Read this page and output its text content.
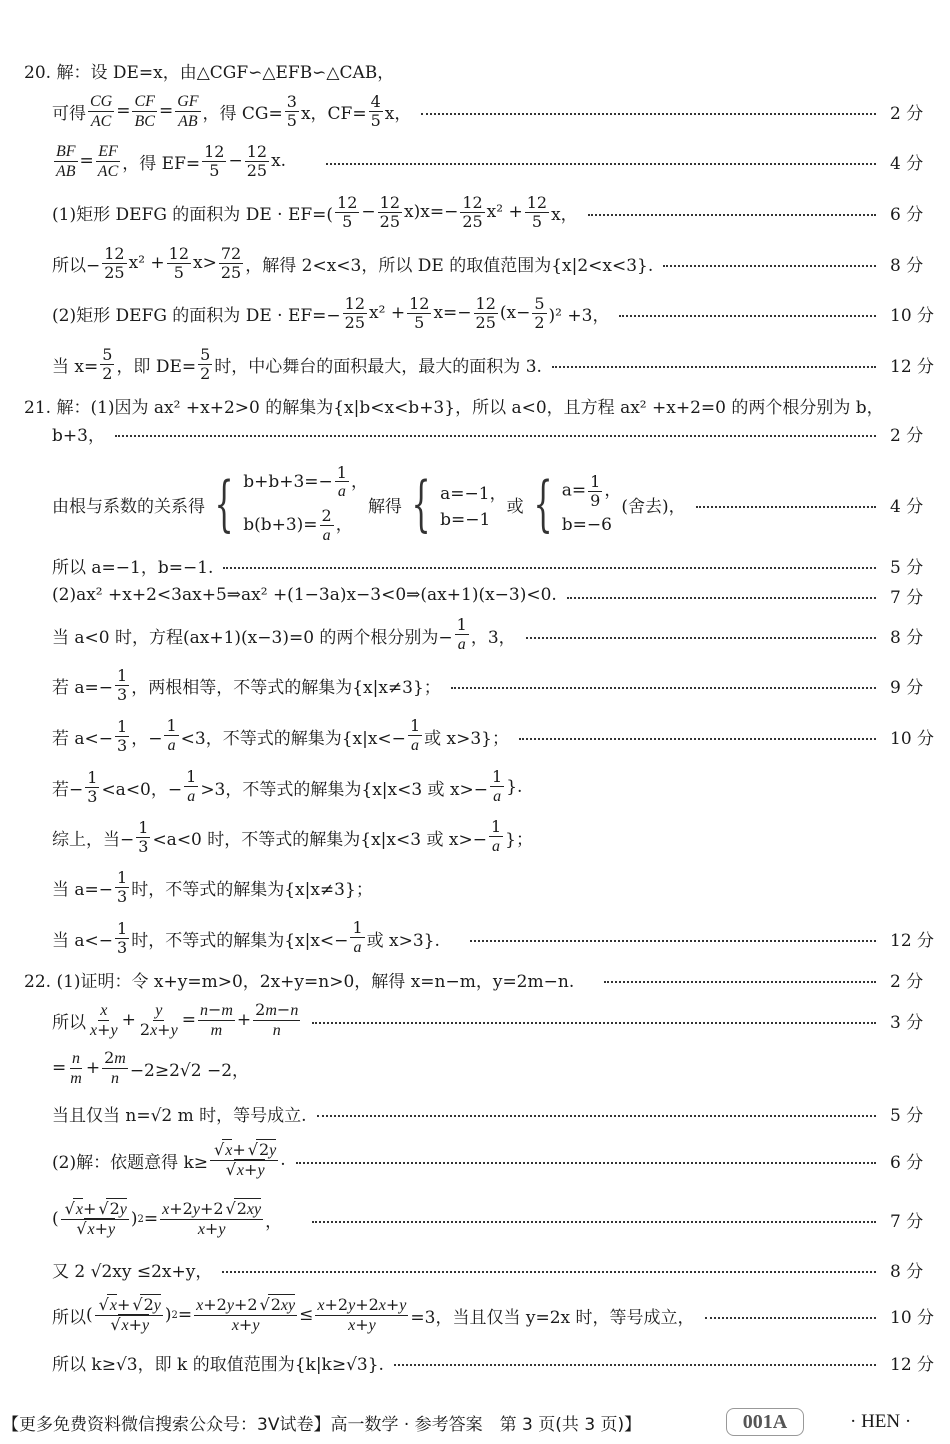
20. 解：设 DE=x，由△CGF∽△EFB∽△CAB，
可得 $\frac{CG}{AC} = \frac{CF}{BC} = \frac{GF}{AB}$ ，得 $CG= \frac{3}{5}$ x，$CF= \frac{4}{5}$ x，	2 分
$\frac{BF}{AB} = \frac{EF}{AC}$ ，得 $EF= \frac{12}{5} - \frac{12}{25} x$.	4 分
(1)矩形 DEFG 的面积为 DE · $EF=( \frac{12}{5} - \frac{12}{25} x)x=- \frac{12}{25} x^2 + \frac{12}{5}$ x，	6 分
所以− $\frac{12}{25} x^2 + \frac{12}{5} x> \frac{72}{25}$ ，解得 2<x<3，所以 DE 的取值范围为{x|2<x<3}.	8 分
(2)矩形 DEFG 的面积为 DE · $EF=- \frac{12}{25} x^2 + \frac{12}{5} x=- \frac{12}{25} (x- \frac{5}{2} )^2 +3$，	10 分
当 $x= \frac{5}{2}$ ，即 $DE= \frac{5}{2}$ 时，中心舞台的面积最大，最大的面积为 3.	12 分
21. 解：(1)因为 ax² +x+2>0 的解集为{x|b<x<b+3}，所以 a<0，且方程 ax² +x+2=0 的两个根分别为 b，
b+3，	2 分
由根与系数的关系得 { $b+b+3=- \frac{1}{a}$ ，
$b(b+3)= \frac{2}{a}$ ，
解得 { a=−1，
b=−1
或 { $a= \frac{1}{9}$ ，
b=−6
(舍去)，	4 分
所以 a=−1，b=−1.	5 分
(2)ax² +x+2<3ax+5⇒ax² +(1−3a)x−3<0⇒(ax+1)(x−3)<0.	7 分
当 a<0 时，方程(ax+1)(x−3)=0 的两个根分别为− $\frac{1}{a}$ ，3，	8 分
若 $a=- \frac{1}{3}$ ，两根相等，不等式的解集为{x|x≠3}；	9 分
若 $a<- \frac{1}{3}$ ，− $\frac{1}{a} <3$，不等式的解集为{$x|x<- \frac{1}{a}$ 或 x>3}；	10 分
若− $\frac{1}{3} <a<0$，− $\frac{1}{a} >3$，不等式的解集为{x|x<3 或 $x>- \frac{1}{a}$ }.
综上，当− $\frac{1}{3} <a<0$ 时，不等式的解集为{x|x<3 或 $x>- \frac{1}{a}$ }；
当 $a=- \frac{1}{3}$ 时，不等式的解集为{x|x≠3}；
当 $a<- \frac{1}{3}$ 时，不等式的解集为{$x|x<- \frac{1}{a}$ 或 x>3}.	12 分
22. (1)证明：令 x+y=m>0，2x+y=n>0，解得 x=n−m，y=2m−n.	2 分
所以 $\frac{x}{x+y} + \frac{y}{2x+y} = \frac{n-m}{m} + \frac{2m-n}{n}$	3 分
= $\frac{n}{m} + \frac{2m}{n} -2\ge 2√2 -2$，
当且仅当 n=√2 m 时，等号成立.	5 分
(2)解：依题意得 k≥ √ x+ √ 2y
√ x+y .	6 分
( √ x+ √ 2y
√ x+y ) $2 = \frac{x+2y+2 √ 2xy}{x+y}$ ，	7 分
又 2 √2xy ≤2x+y，	8 分
所以 ( √ x+ √ 2y
√ x+y ) $2 = \frac{x+2y+2 √ 2xy}{x+y} \le \frac{x+2y+2x+y}{x+y} =3$，当且仅当 y=2x 时，等号成立，	10 分
所以 k≥√3，即 k 的取值范围为{k|k≥√3}.	12 分
【更多免费资料微信搜索公众号：3V试卷】高一数学 · 参考答案　第 3 页(共 3 页)】	001A	· HEN ·
